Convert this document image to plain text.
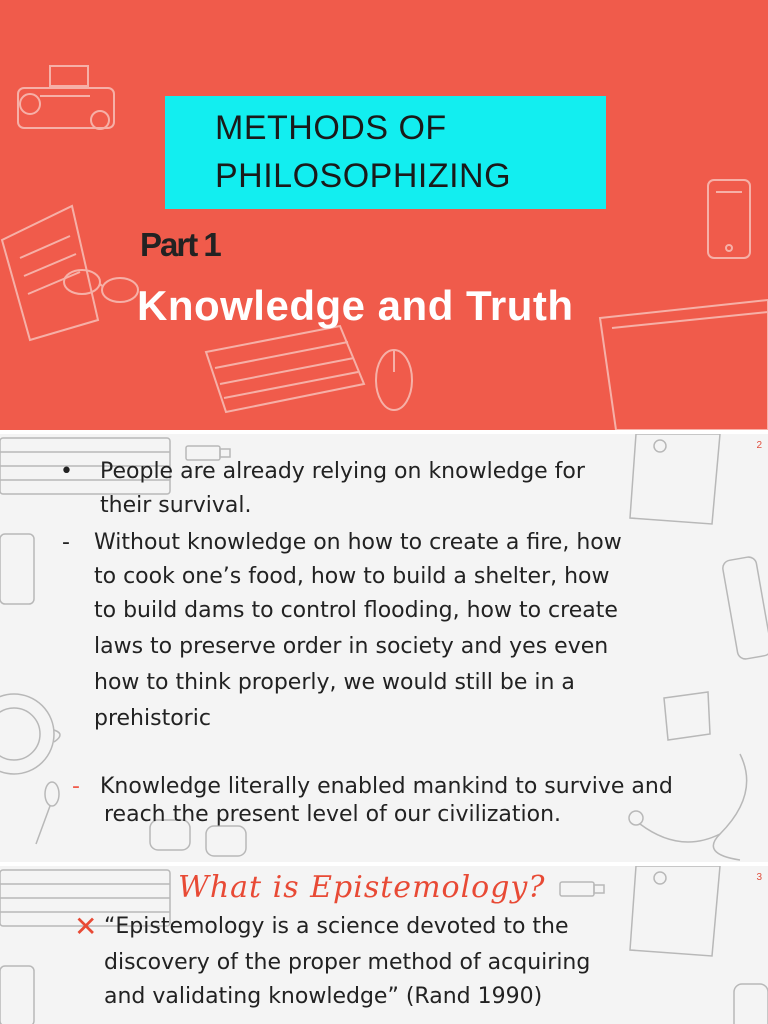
METHODS OF
PHILOSOPHIZING
Part 1
Knowledge and Truth
2
• People are already relying on knowledge for
their survival.
- Without knowledge on how to create a fire, how
to cook one’s food, how to build a shelter, how
to build dams to control flooding, how to create
laws to preserve order in society and yes even
how to think properly, we would still be in a
prehistoric
- Knowledge literally enabled mankind to survive and
reach the present level of our civilization.
3
What is Epistemology?
✕ “Epistemology is a science devoted to the
discovery of the proper method of acquiring
and validating knowledge” (Rand 1990)
